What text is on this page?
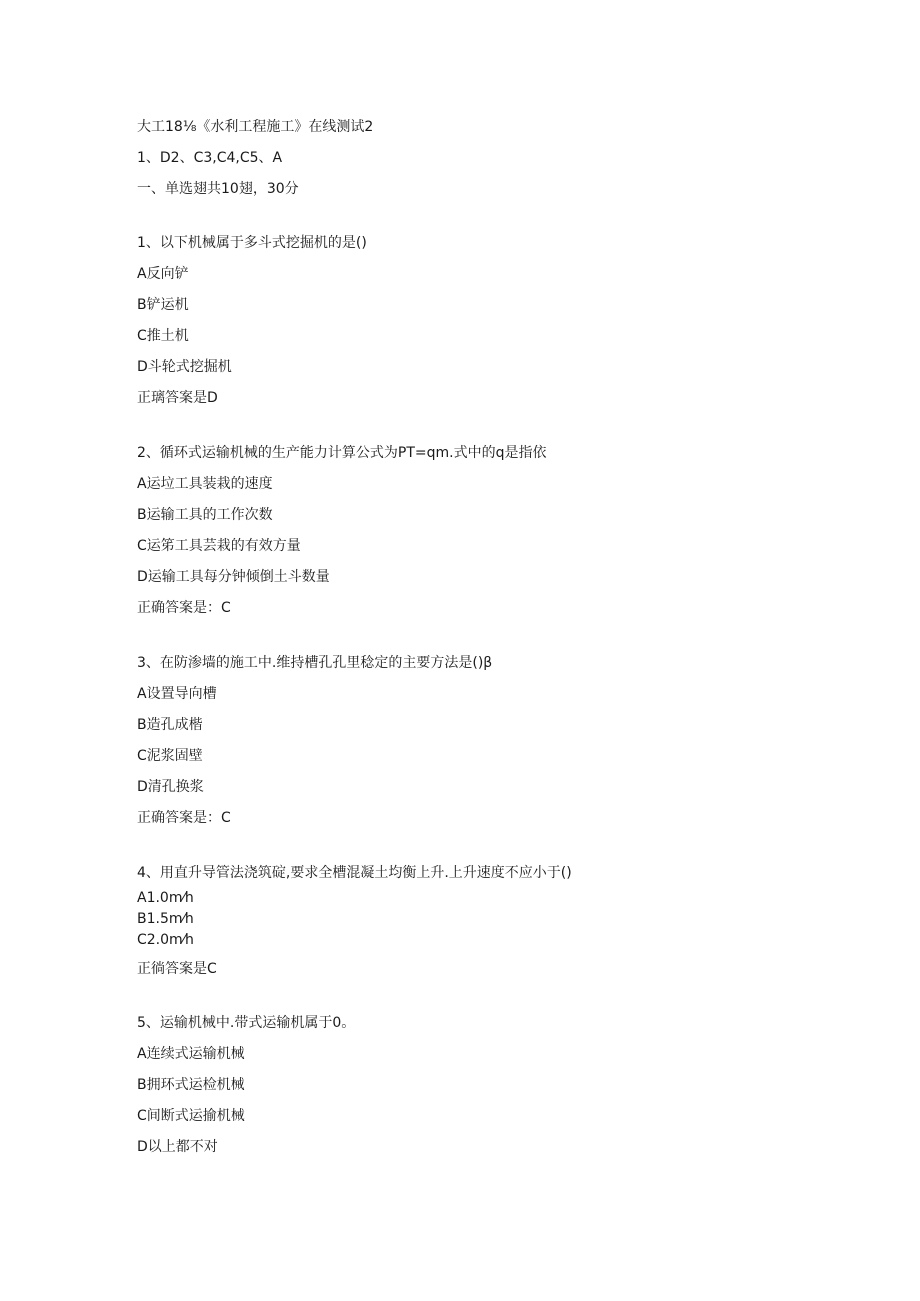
大工18⅛《水利工程施工》在线测试2
1、D2、C3,C4,C5、A
一、单选翅共10翅，30分
1、以下机械属于多斗式挖掘机的是()
A反向铲
B铲运机
C推土机
D斗轮式挖掘机
正璃答案是D
2、循环式运输机械的生产能力计算公式为PT=qm.式中的q是指依
A运垃工具装栽的速度
B运输工具的工作次数
C运笫工具芸栽的有效方量
D运输工具每分钟倾倒土斗数量
正确答案是：C
3、在防渗墙的施工中.维持槽孔孔里稔定的主要方法是()β
A设置导向槽
B造孔成楷
C泥浆固壁
D清孔换浆
正确答案是：C
4、用直升导管法浇筑碇,要求全槽混凝土均衡上升.上升速度不应小于()
A1.0m⁄h
B1.5m⁄h
C2.0m⁄h
正徜答案是C
5、运输机械中.带式运输机属于0。
A连续式运输机械
B拥环式运检机械
C间断式运揄机械
D以上都不对
